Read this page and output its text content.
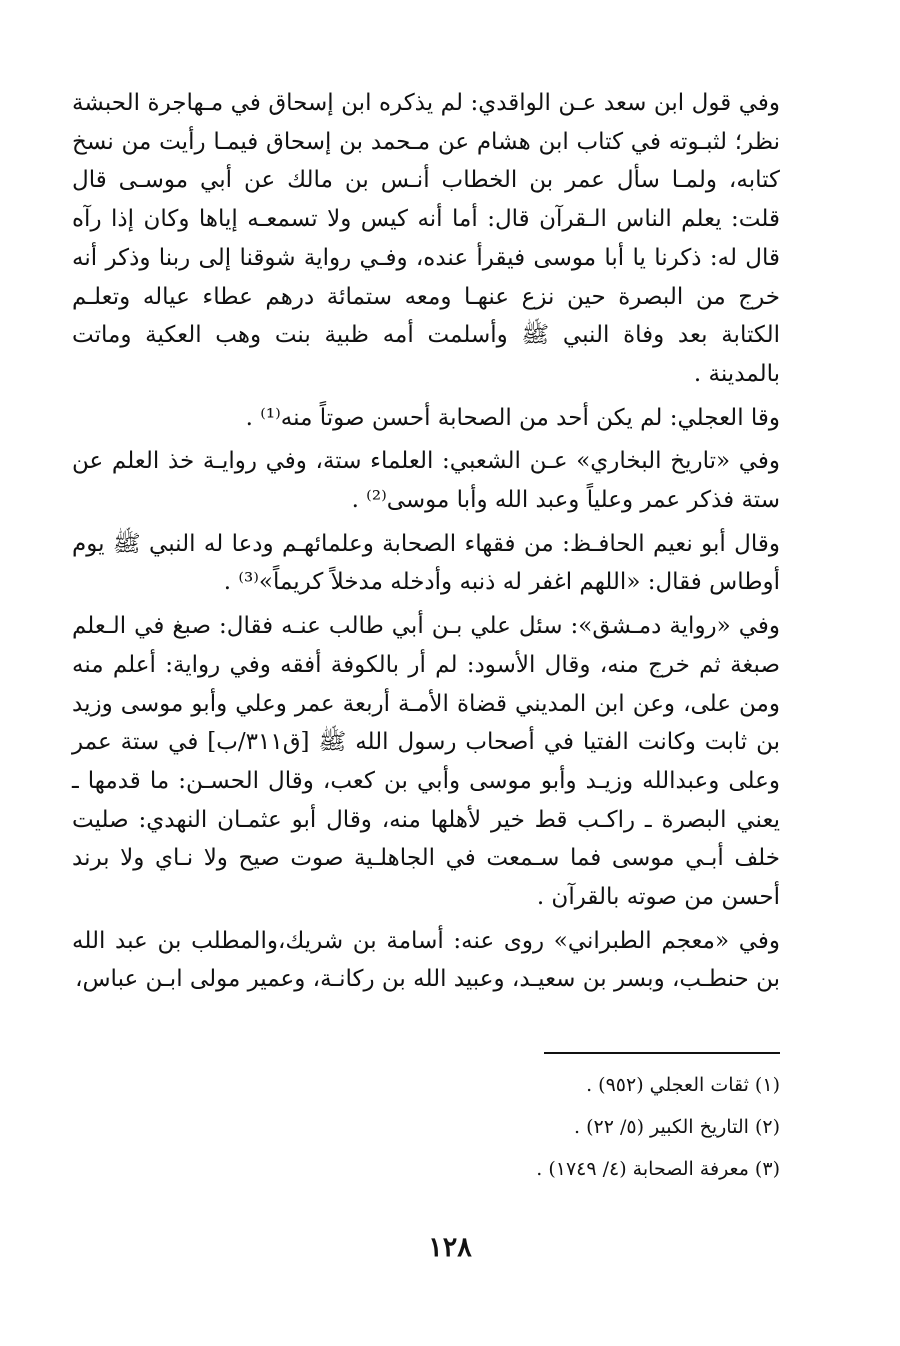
وفي قول ابن سعد عـن الواقدي: لم يذكره ابن إسحاق في مـهاجرة الحبشة نظر؛ لثبـوته في كتاب ابن هشام عن مـحمد بن إسحاق فيمـا رأيت من نسخ كتابه، ولمـا سأل عمر بن الخطاب أنـس بن مالك عن أبي موسـى قال قلت: يعلم الناس الـقرآن قال: أما أنه كيس ولا تسمعـه إياها وكان إذا رآه قال له: ذكرنا يا أبا موسى فيقرأ عنده، وفـي رواية شوقنا إلى ربنا وذكر أنه خرج من البصرة حين نزع عنهـا ومعه ستمائة درهم عطاء عياله وتعلـم الكتابة بعد وفاة النبي ﷺ وأسلمت أمه ظبية بنت وهب العكية وماتت بالمدينة .

وقا العجلي: لم يكن أحد من الصحابة أحسن صوتاً منه⁽¹⁾ .

وفي «تاريخ البخاري» عـن الشعبي: العلماء ستة، وفي روايـة خذ العلم عن ستة فذكر عمر وعلياً وعبد الله وأبا موسى⁽²⁾ .

وقال أبو نعيم الحافـظ: من فقهاء الصحابة وعلمائهـم ودعا له النبي ﷺ يوم أوطاس فقال: «اللهم اغفر له ذنبه وأدخله مدخلاً كريماً»⁽³⁾ .

وفي «رواية دمـشق»: سئل علي بـن أبي طالب عنـه فقال: صبغ في الـعلم صبغة ثم خرج منه، وقال الأسود: لم أر بالكوفة أفقه وفي رواية: أعلم منه ومن على، وعن ابن المديني قضاة الأمـة أربعة عمر وعلي وأبو موسى وزيد بن ثابت وكانت الفتيا في أصحاب رسول الله ﷺ [ق٣١١/ب] في ستة عمر وعلى وعبدالله وزيـد وأبو موسى وأبي بن كعب، وقال الحسـن: ما قدمها ـ يعني البصرة ـ راكـب قط خير لأهلها منه، وقال أبو عثمـان النهدي: صليت خلف أبـي موسى فما سـمعت في الجاهلـية صوت صيح ولا نـاي ولا برند أحسن من صوته بالقرآن .

وفي «معجم الطبراني» روى عنه: أسامة بن شريك،والمطلب بن عبد الله بن حنطـب، وبسر بن سعيـد، وعبيد الله بن ركانـة، وعمير مولى ابـن عباس،

(١) ثقات العجلي (٩٥٢) .
(٢) التاريخ الكبير (٥/ ٢٢) .
(٣) معرفة الصحابة (٤/ ١٧٤٩) .
١٢٨
